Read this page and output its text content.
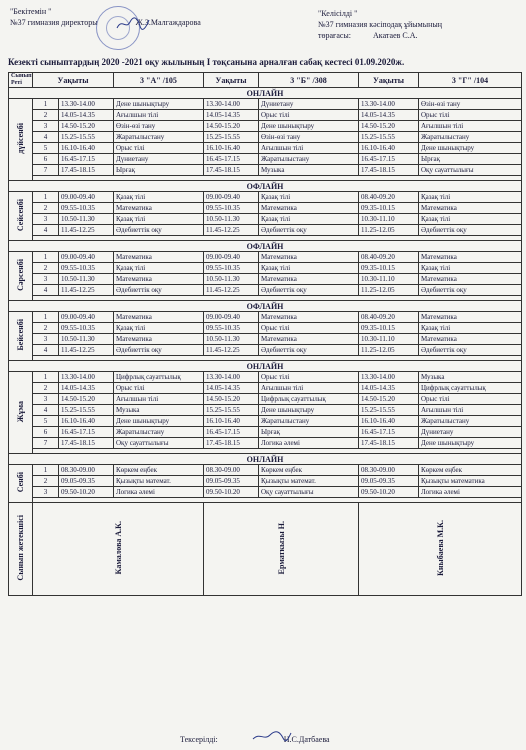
"Бекітемін "
№37 гимназия директоры	Ж.З.Малгаждарова
"Келісілді "
№37 гимназия кәсіподақ ұйымының
төрағасы:	Акатаев С.А.
Кезекті сыныптардың 2020 -2021 оқу жылының І тоқсанына арналған сабақ кестесі 01.09.2020ж.
Сынып
Реті	Уақыты		3 "А" /105	Уақыты	3 "Б" /308	Уақыты	3 "Г" /104
ОНЛАЙН							
дүйсенбі	1	13.30-14.00	Дене шынықтыру	13.30-14.00	Дүниетану	13.30-14.00	Өзін-өзі тану
	2	14.05-14.35	Ағылшын тілі	14.05-14.35	Орыс тілі	14.05-14.35	Орыс тілі
	3	14.50-15.20	Өзін-өзі тану	14.50-15.20	Дене шынықтыру	14.50-15.20	Ағылшын тілі
	4	15.25-15.55	Жаратылыстану	15.25-15.55	Өзін-өзі тану	15.25-15.55	Жаратылыстану
	5	16.10-16.40	Орыс тілі	16.10-16.40	Ағылшын тілі	16.10-16.40	Дене шынықтыру
	6	16.45-17.15	Дүниетану	16.45-17.15	Жаратылыстану	16.45-17.15	Ырғақ
	7	17.45-18.15	Ырғақ	17.45-18.15	Музыка	17.45-18.15	Оқу сауаттылығы

ОФЛАЙН							
Сейсенбі	1	09.00-09.40	Қазақ тілі	09.00-09.40	Қазақ тілі	08.40-09.20	Қазақ тілі
	2	09.55-10.35	Математика	09.55-10.35	Математика	09.35-10.15	Математика
	3	10.50-11.30	Қазақ тілі	10.50-11.30	Қазақ тілі	10.30-11.10	Қазақ тілі
	4	11.45-12.25	Әдебиеттік оқу	11.45-12.25	Әдебиеттік оқу	11.25-12.05	Әдебиеттік оқу

ОФЛАЙН							
Сәрсенбі	1	09.00-09.40	Математика	09.00-09.40	Математика	08.40-09.20	Математика
	2	09.55-10.35	Қазақ тілі	09.55-10.35	Қазақ тілі	09.35-10.15	Қазақ тілі
	3	10.50-11.30	Математика	10.50-11.30	Математика	10.30-11.10	Математика
	4	11.45-12.25	Әдебиеттік оқу	11.45-12.25	Әдебиеттік оқу	11.25-12.05	Әдебиеттік оқу

ОФЛАЙН							
Бейсенбі	1	09.00-09.40	Математика	09.00-09.40	Математика	08.40-09.20	Математика
	2	09.55-10.35	Қазақ тілі	09.55-10.35	Орыс тілі	09.35-10.15	Қазақ тілі
	3	10.50-11.30	Математика	10.50-11.30	Математика	10.30-11.10	Математика
	4	11.45-12.25	Әдебиеттік оқу	11.45-12.25	Әдебиеттік оқу	11.25-12.05	Әдебиеттік оқу

ОНЛАЙН							
Жұма	1	13.30-14.00	Цифрлық сауаттылық	13.30-14.00	Орыс тілі	13.30-14.00	Музыка
	2	14.05-14.35	Орыс тілі	14.05-14.35	Ағылшын тілі	14.05-14.35	Цифрлық сауаттылық
	3	14.50-15.20	Ағылшын тілі	14.50-15.20	Цифрлық сауаттылық	14.50-15.20	Орыс тілі
	4	15.25-15.55	Музыка	15.25-15.55	Дене шынықтыру	15.25-15.55	Ағылшын тілі
	5	16.10-16.40	Дене шынықтыру	16.10-16.40	Жаратылыстану	16.10-16.40	Жаратылыстану
	6	16.45-17.15	Жаратылыстану	16.45-17.15	Ырғақ	16.45-17.15	Дүниетану
	7	17.45-18.15	Оқу сауаттылығы	17.45-18.15	Логика әлемі	17.45-18.15	Дене шынықтыру

ОНЛАЙН							
Сенбі	1	08.30-09.00	Көркем еңбек	08.30-09.00	Көркем еңбек	08.30-09.00	Көркем еңбек
	2	09.05-09.35	Қызықты математ.	09.05-09.35	Қызықты математ.	09.05-09.35	Қызықты математика
	3	09.50-10.20	Логика әлемі	09.50-10.20	Оқу сауаттылығы	09.50-10.20	Логика әлемі

Сынып жетекшісі	Камалова А.К.			Ерматкызы Н.		Кныбаева М.К.	
Тексерілді:	Н.С.Датбаева
